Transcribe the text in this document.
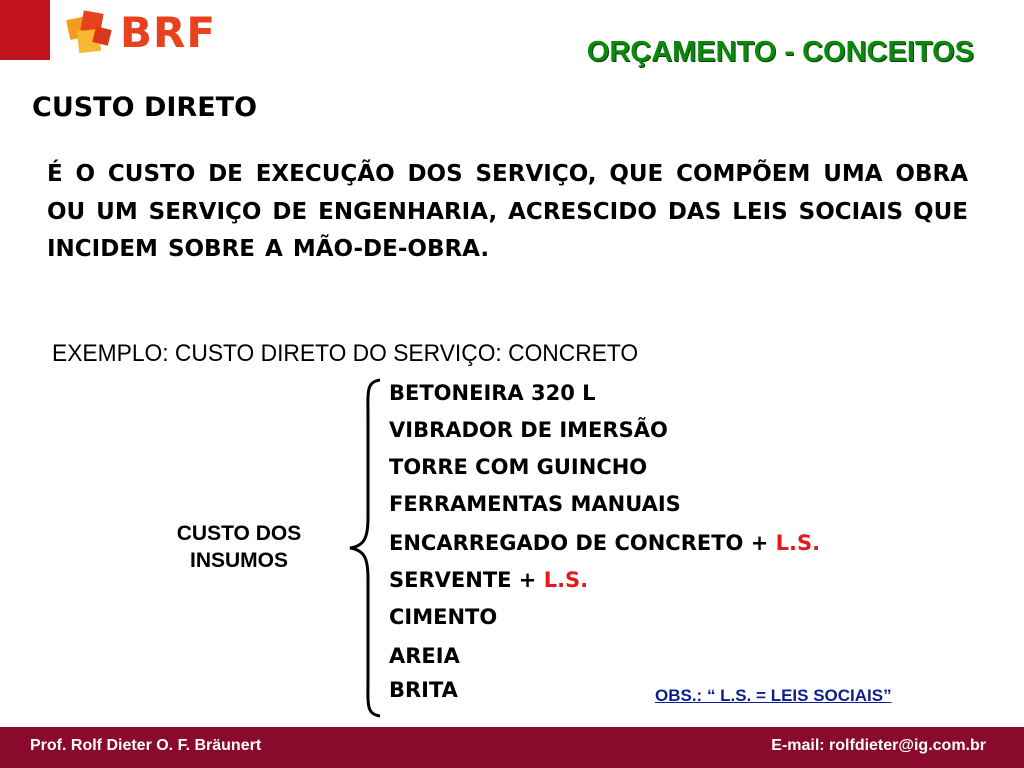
BRF	ORÇAMENTO - CONCEITOS
CUSTO DIRETO

É O CUSTO DE EXECUÇÃO DOS SERVIÇO, QUE COMPÕEM UMA OBRA OU UM SERVIÇO DE ENGENHARIA, ACRESCIDO DAS LEIS SOCIAIS QUE INCIDEM SOBRE A MÃO-DE-OBRA.

EXEMPLO: CUSTO DIRETO DO SERVIÇO: CONCRETO

CUSTO DOS
INSUMOS
BETONEIRA 320 L
VIBRADOR DE IMERSÃO
TORRE COM GUINCHO
FERRAMENTAS MANUAIS
ENCARREGADO DE CONCRETO + L.S.
SERVENTE + L.S.
CIMENTO
AREIA
BRITA	OBS.: “ L.S. = LEIS SOCIAIS”
Prof. Rolf Dieter O. F. Bräunert	E-mail: rolfdieter@ig.com.br
